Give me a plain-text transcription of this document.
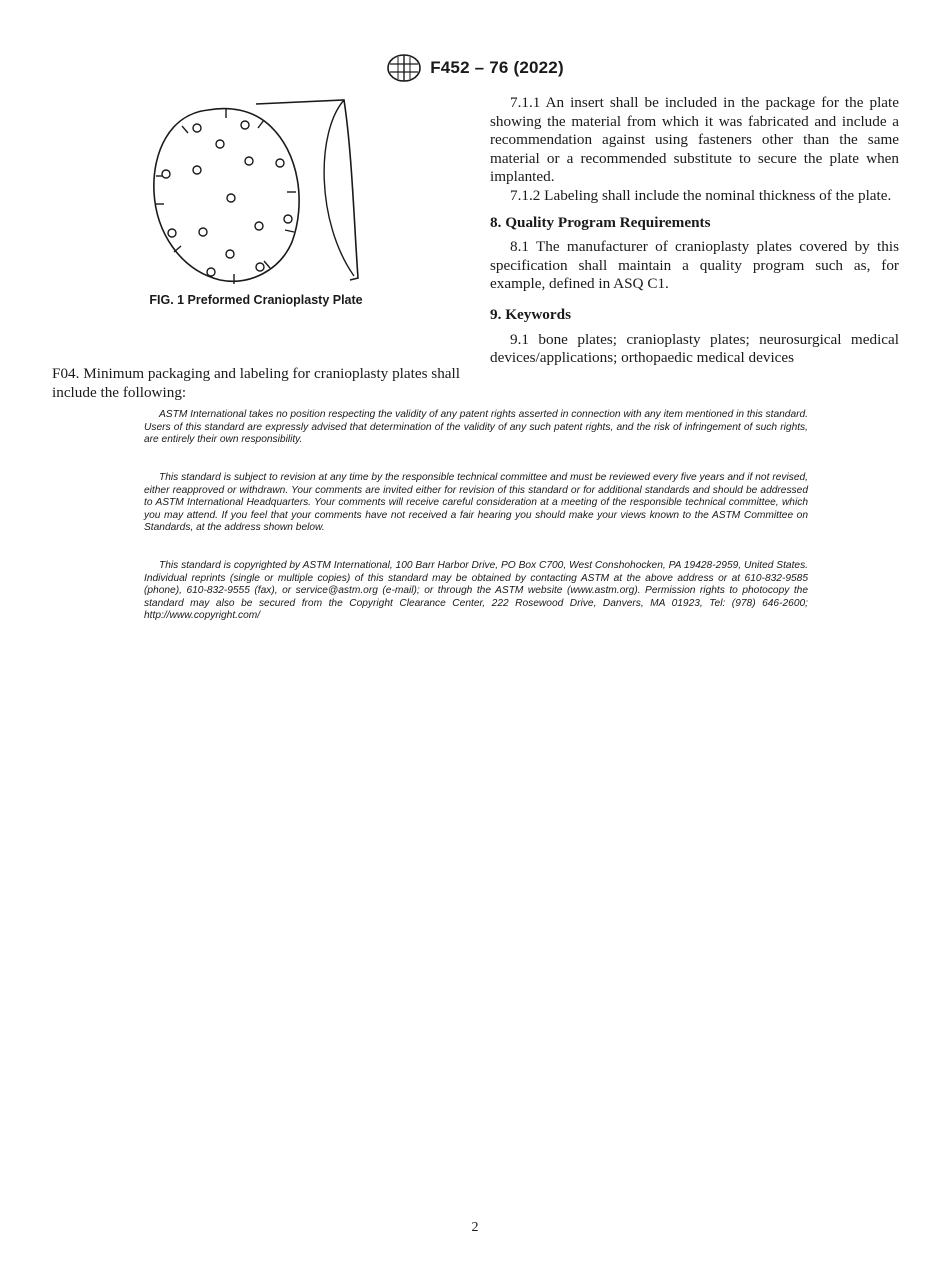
F452 – 76 (2022)
FIG. 1 Preformed Cranioplasty Plate

F04. Minimum packaging and labeling for cranioplasty plates shall include the following:

7.1.1 An insert shall be included in the package for the plate showing the material from which it was fabricated and include a recommendation against using fasteners other than the same material or a recommended substitute to secure the plate when implanted.

7.1.2 Labeling shall include the nominal thickness of the plate.

8. Quality Program Requirements

8.1 The manufacturer of cranioplasty plates covered by this specification shall maintain a quality program such as, for example, defined in ASQ C1.

9. Keywords

9.1 bone plates; cranioplasty plates; neurosurgical medical devices/applications; orthopaedic medical devices

ASTM International takes no position respecting the validity of any patent rights asserted in connection with any item mentioned in this standard. Users of this standard are expressly advised that determination of the validity of any such patent rights, and the risk of infringement of such rights, are entirely their own responsibility.

This standard is subject to revision at any time by the responsible technical committee and must be reviewed every five years and if not revised, either reapproved or withdrawn. Your comments are invited either for revision of this standard or for additional standards and should be addressed to ASTM International Headquarters. Your comments will receive careful consideration at a meeting of the responsible technical committee, which you may attend. If you feel that your comments have not received a fair hearing you should make your views known to the ASTM Committee on Standards, at the address shown below.

This standard is copyrighted by ASTM International, 100 Barr Harbor Drive, PO Box C700, West Conshohocken, PA 19428-2959, United States. Individual reprints (single or multiple copies) of this standard may be obtained by contacting ASTM at the above address or at 610-832-9585 (phone), 610-832-9555 (fax), or service@astm.org (e-mail); or through the ASTM website (www.astm.org). Permission rights to photocopy the standard may also be secured from the Copyright Clearance Center, 222 Rosewood Drive, Danvers, MA 01923, Tel: (978) 646-2600; http://www.copyright.com/

2
